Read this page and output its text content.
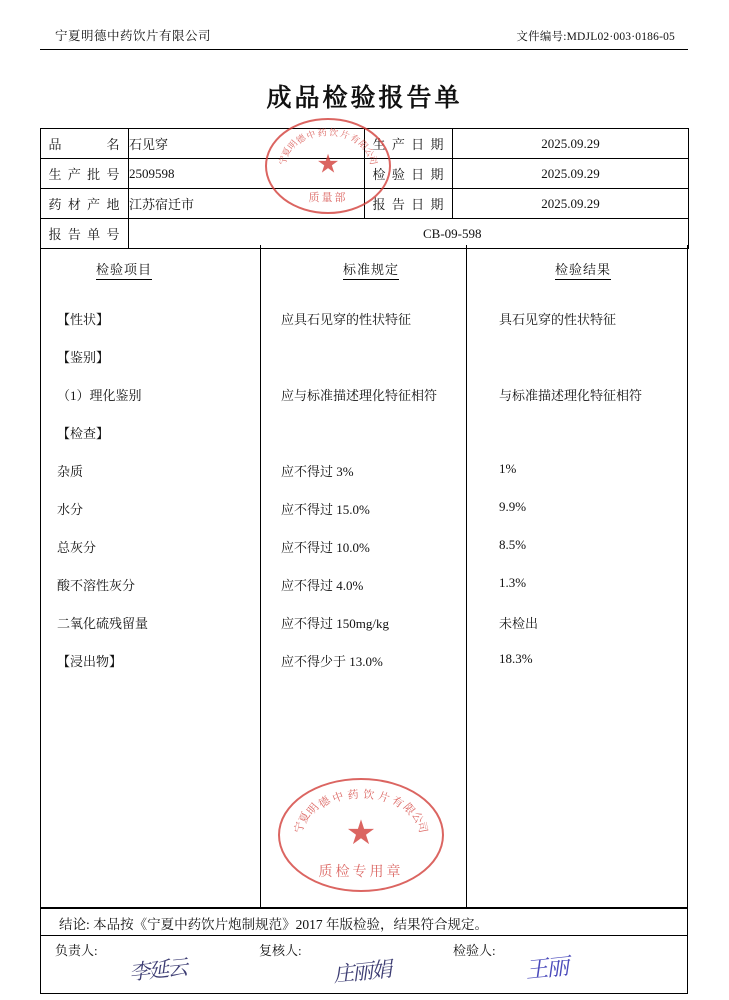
宁夏明德中药饮片有限公司	文件编号:MDJL02·003·0186-05
成品检验报告单
品　　名	石见穿	生产日期	2025.09.29
生产批号	2509598	检验日期	2025.09.29
药材产地	江苏宿迁市	报告日期	2025.09.29
报告单号	CB-09-598		
检验项目	标准规定	检验结果
【性状】	应具石见穿的性状特征	具石见穿的性状特征
【鉴别】
（1）理化鉴别	应与标准描述理化特征相符	与标准描述理化特征相符
【检查】
杂质	应不得过 3%	1%
水分	应不得过 15.0%	9.9%
总灰分	应不得过 10.0%	8.5%
酸不溶性灰分	应不得过 4.0%	1.3%
二氧化硫残留量	应不得过 150mg/kg	未检出
【浸出物】	应不得少于 13.0%	18.3%
结论: 本品按《宁夏中药饮片炮制规范》2017 年版检验，结果符合规定。
负责人:	复核人:	检验人:
李延云	庄丽娟	王丽
宁
夏
明
德
中 药 饮 片
有
限
公
司
★
质量部
宁
夏
明
德
中 药 饮 片
有
限
公
司
★
质检专用章
